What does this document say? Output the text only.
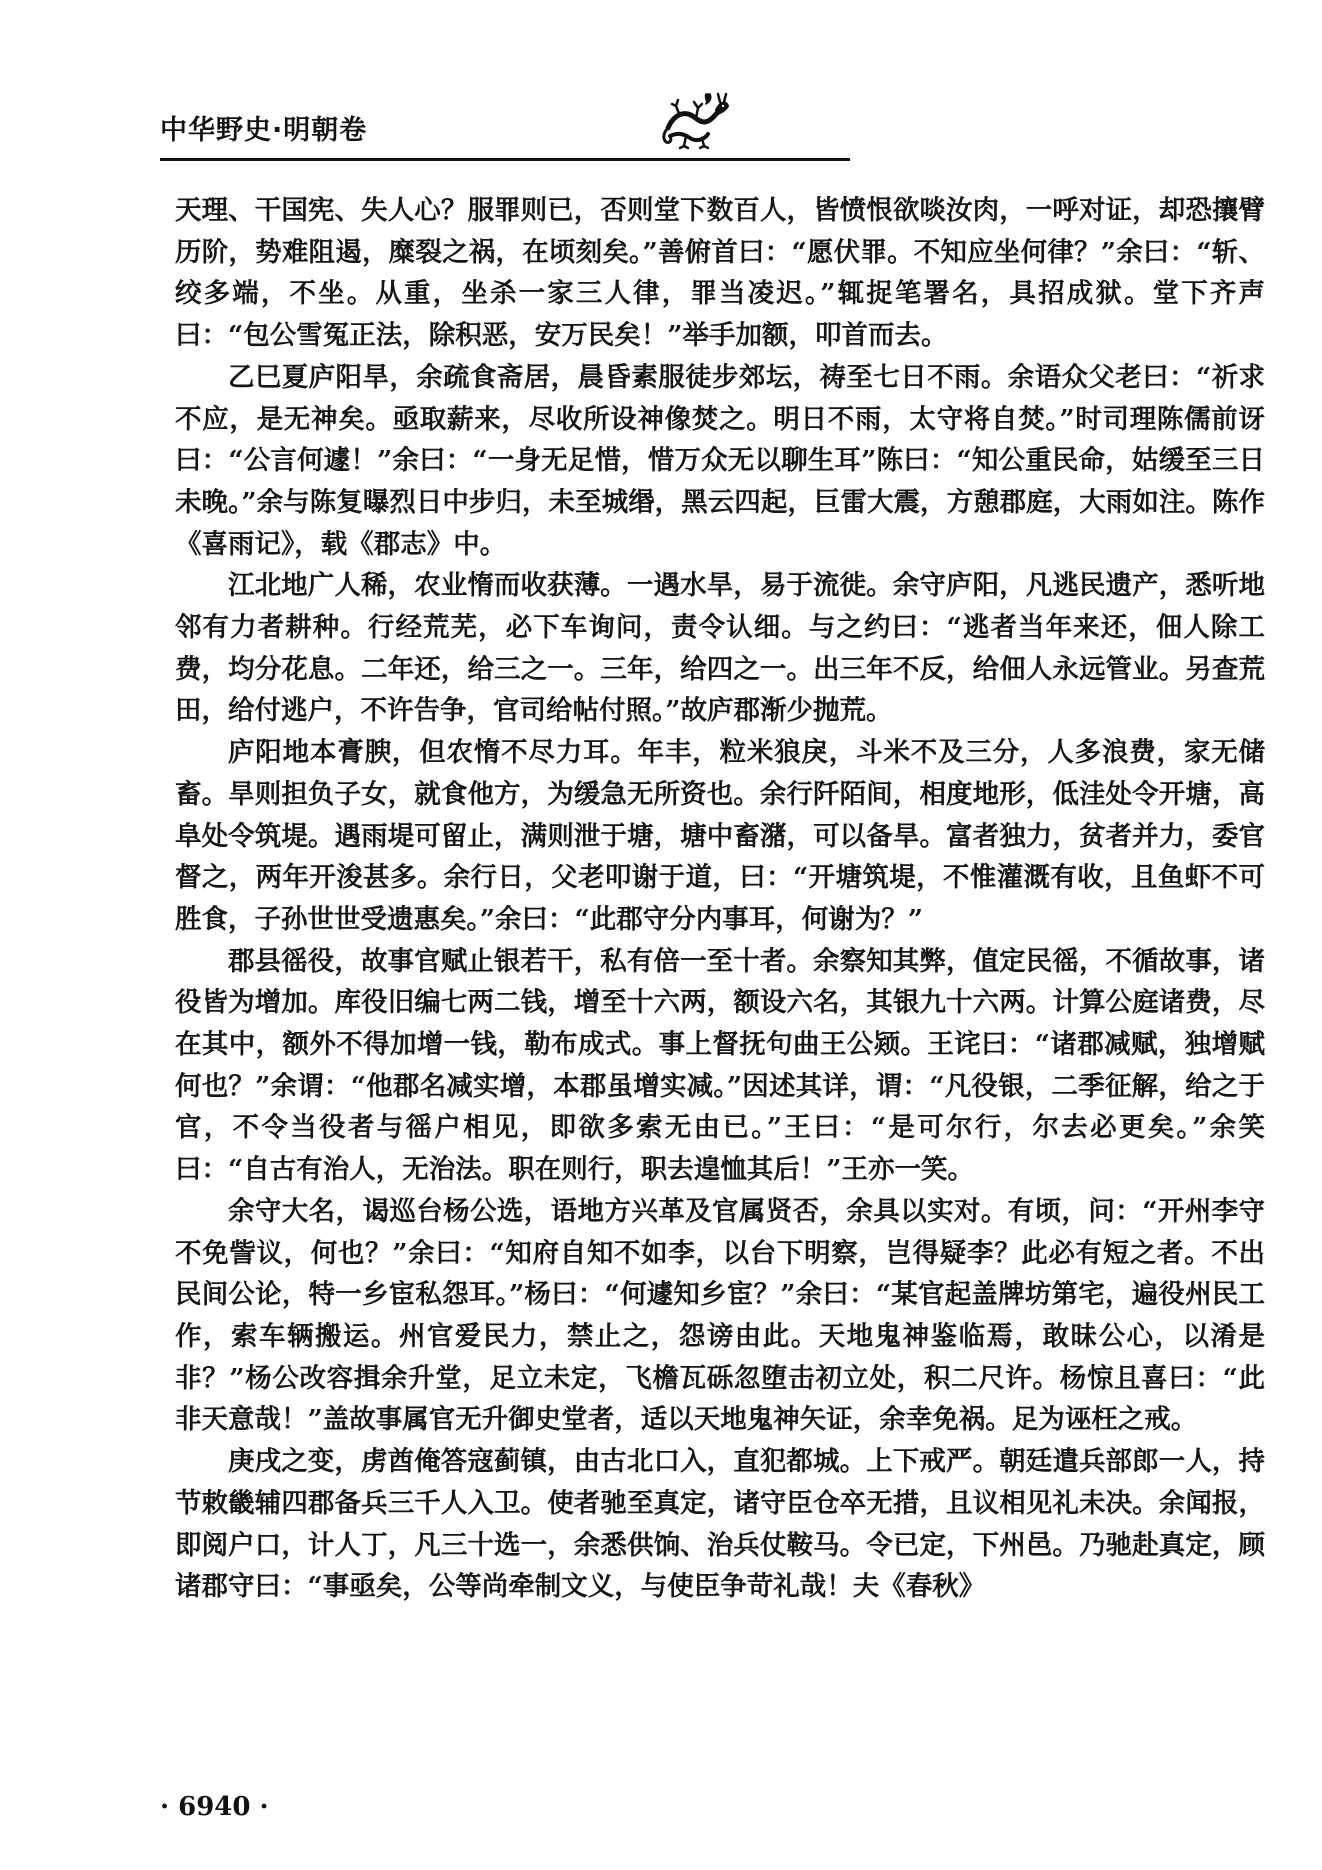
中华野史·明朝卷

天理、干国宪、失人心？服罪则已，否则堂下数百人，皆愤恨欲啖汝肉，一呼对证，却恐攘臂历阶，势难阻遏，糜裂之祸，在顷刻矣。”善俯首曰：“愿伏罪。不知应坐何律？”余曰：“斩、绞多端，不坐。从重，坐杀一家三人律，罪当凌迟。”辄捉笔署名，具招成狱。堂下齐声曰：“包公雪冤正法，除积恶，安万民矣！”举手加额，叩首而去。

乙巳夏庐阳旱，余疏食斋居，晨昏素服徒步郊坛，祷至七日不雨。余语众父老曰：“祈求不应，是无神矣。亟取薪来，尽收所设神像焚之。明日不雨，太守将自焚。”时司理陈儒前讶曰：“公言何遽！”余曰：“一身无足惜，惜万众无以聊生耳”陈曰：“知公重民命，姑缓至三日未晚。”余与陈复曝烈日中步归，未至城缗，黑云四起，巨雷大震，方憩郡庭，大雨如注。陈作《喜雨记》，载《郡志》中。

江北地广人稀，农业惰而收获薄。一遇水旱，易于流徙。余守庐阳，凡逃民遗产，悉听地邻有力者耕种。行经荒芜，必下车询问，责令认细。与之约曰：“逃者当年来还，佃人除工费，均分花息。二年还，给三之一。三年，给四之一。出三年不反，给佃人永远管业。另查荒田，给付逃户，不许告争，官司给帖付照。”故庐郡渐少抛荒。

庐阳地本膏腴，但农惰不尽力耳。年丰，粒米狼戾，斗米不及三分，人多浪费，家无储畜。旱则担负子女，就食他方，为缓急无所资也。余行阡陌间，相度地形，低洼处令开塘，高阜处令筑堤。遇雨堤可留止，满则泄于塘，塘中畜潴，可以备旱。富者独力，贫者并力，委官督之，两年开浚甚多。余行日，父老叩谢于道，曰：“开塘筑堤，不惟灌溉有收，且鱼虾不可胜食，子孙世世受遗惠矣。”余曰：“此郡守分内事耳，何谢为？”

郡县徭役，故事官赋止银若干，私有倍一至十者。余察知其弊，值定民徭，不循故事，诸役皆为增加。库役旧编七两二钱，增至十六两，额设六名，其银九十六两。计算公庭诸费，尽在其中，额外不得加增一钱，勒布成式。事上督抚句曲王公颎。王诧曰：“诸郡减赋，独增赋何也？”余谓：“他郡名减实增，本郡虽增实减。”因述其详，谓：“凡役银，二季征解，给之于官，不令当役者与徭户相见，即欲多索无由已。”王曰：“是可尔行，尔去必更矣。”余笑曰：“自古有治人，无治法。职在则行，职去遑恤其后！”王亦一笑。

余守大名，谒巡台杨公选，语地方兴革及官属贤否，余具以实对。有顷，问：“开州李守不免訾议，何也？”余曰：“知府自知不如李，以台下明察，岂得疑李？此必有短之者。不出民间公论，特一乡宦私怨耳。”杨曰：“何遽知乡宦？”余曰：“某官起盖牌坊第宅，遍役州民工作，索车辆搬运。州官爱民力，禁止之，怨谤由此。天地鬼神鉴临焉，敢昧公心，以淆是非？”杨公改容揖余升堂，足立未定，飞檐瓦砾忽堕击初立处，积二尺许。杨惊且喜曰：“此非天意哉！”盖故事属官无升御史堂者，适以天地鬼神矢证，余幸免祸。足为诬枉之戒。

庚戌之变，虏酋俺答寇蓟镇，由古北口入，直犯都城。上下戒严。朝廷遣兵部郎一人，持节敕畿辅四郡备兵三千人入卫。使者驰至真定，诸守臣仓卒无措，且议相见礼未决。余闻报，即阅户口，计人丁，凡三十选一，余悉供饷、治兵仗鞍马。令已定，下州邑。乃驰赴真定，顾诸郡守曰：“事亟矣，公等尚牵制文义，与使臣争苛礼哉！夫《春秋》

· 6940 ·
